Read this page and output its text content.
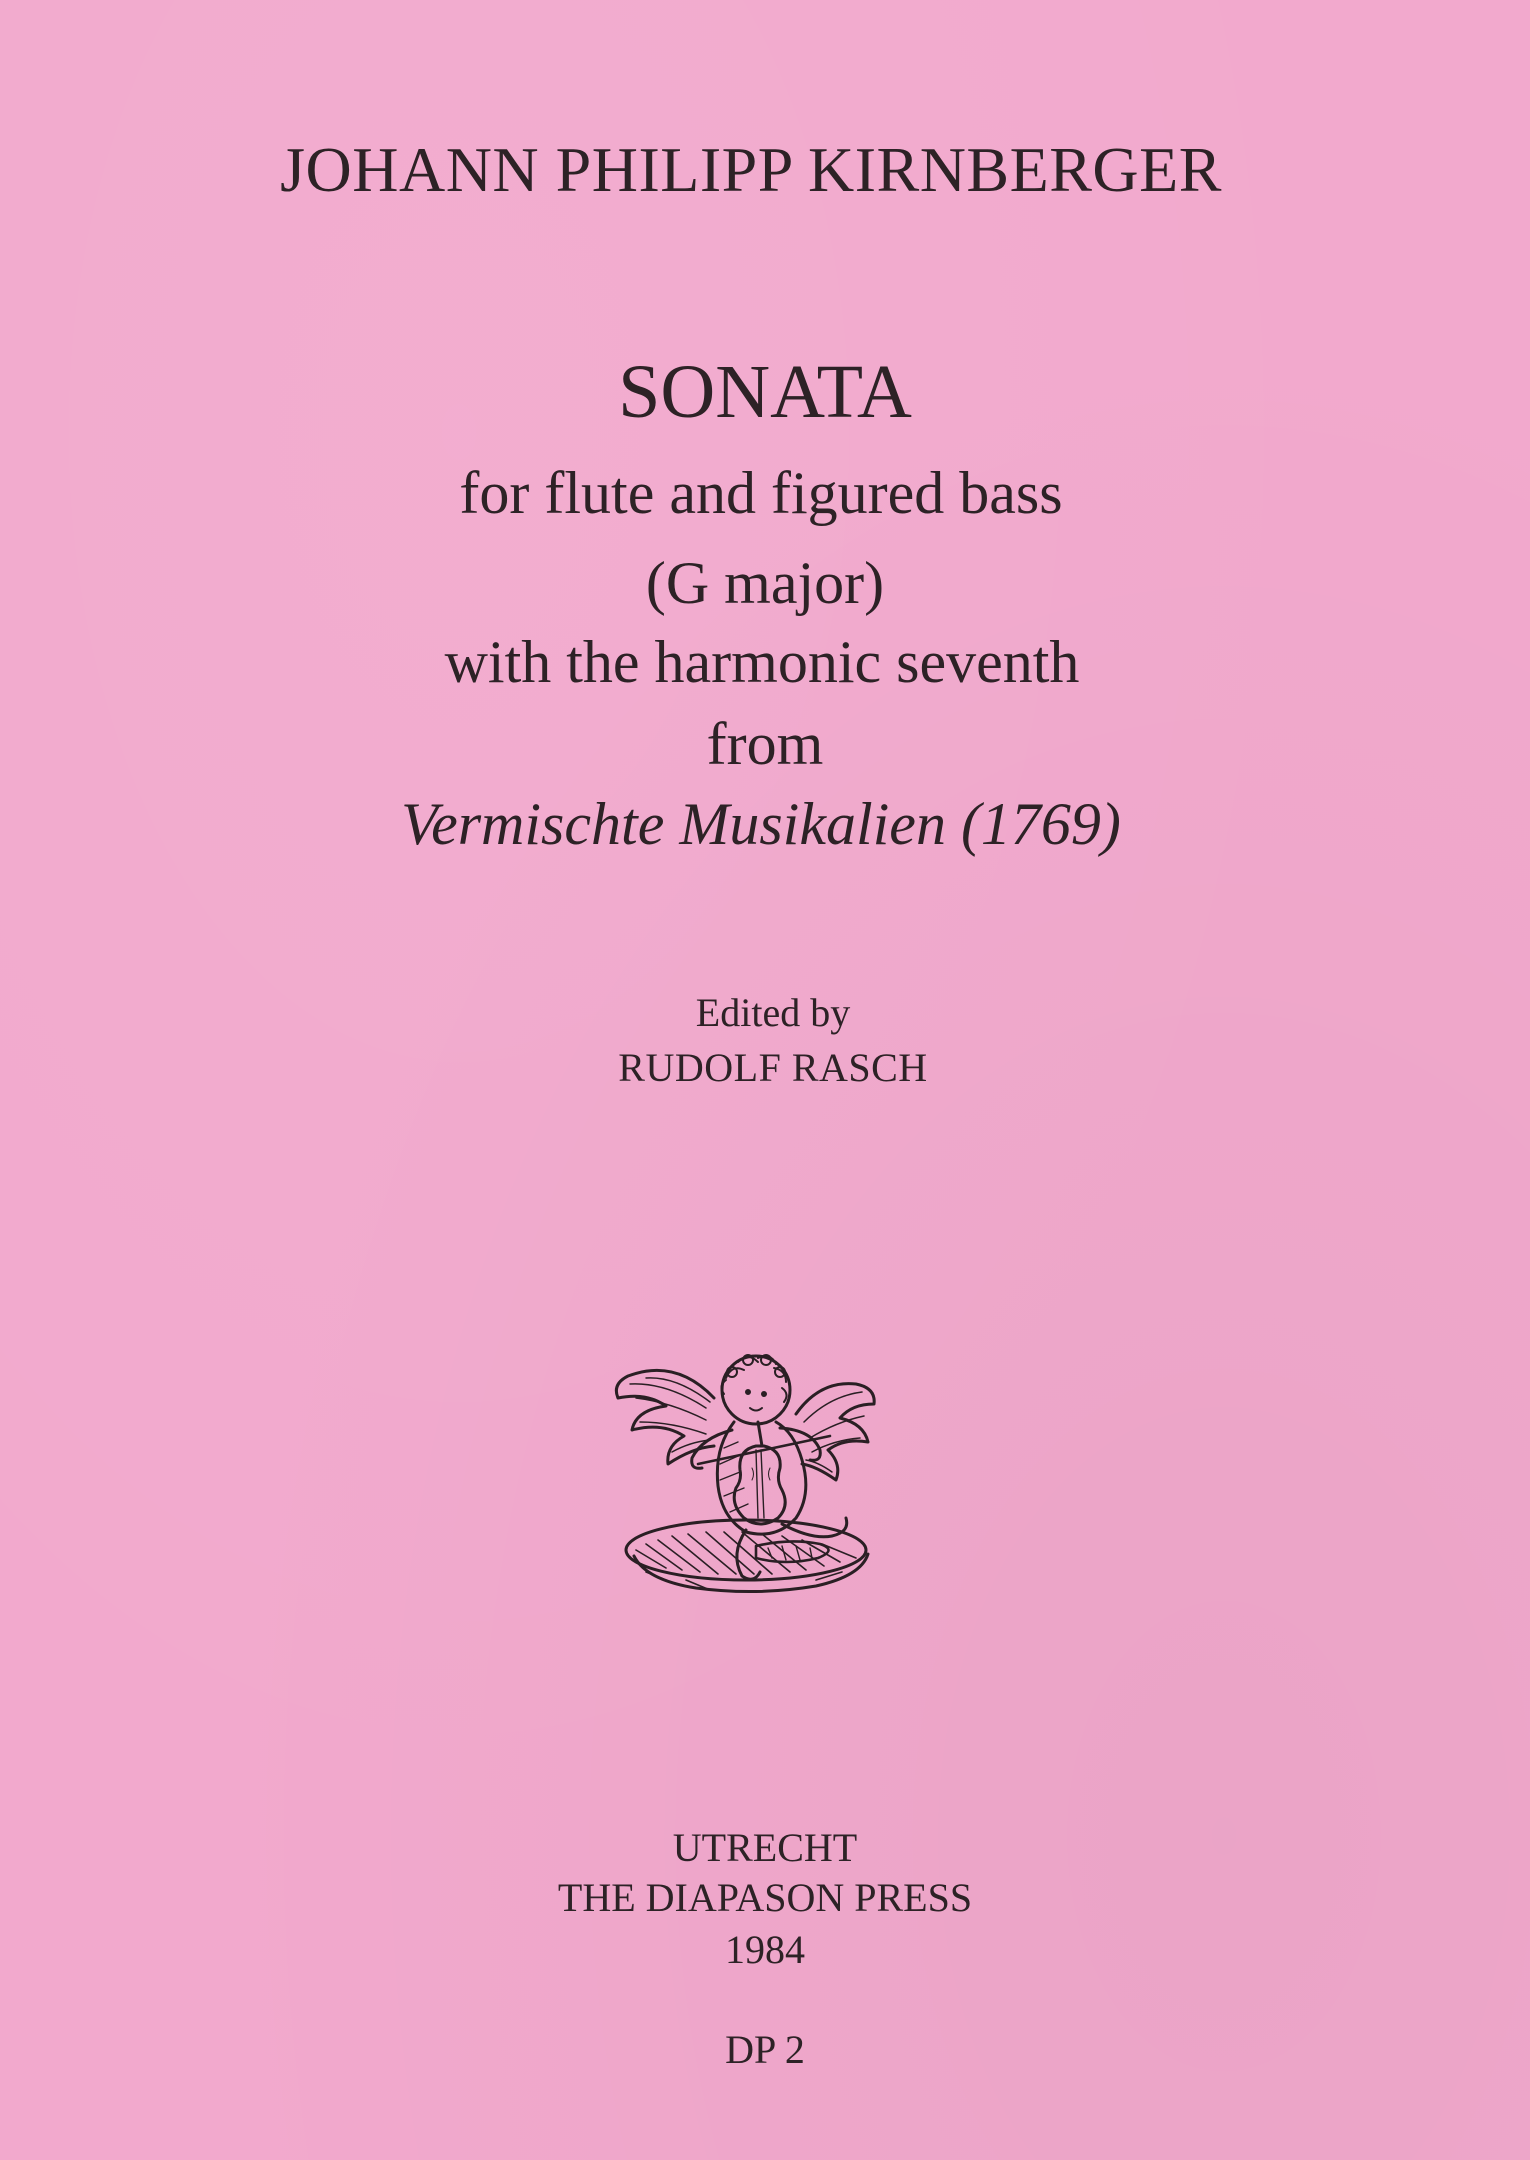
JOHANN PHILIPP KIRNBERGER
SONATA
for flute and figured bass
(G major)
with the harmonic seventh
from
Vermischte Musikalien (1769)
Edited by
RUDOLF RASCH
UTRECHT
THE DIAPASON PRESS
1984
DP 2
